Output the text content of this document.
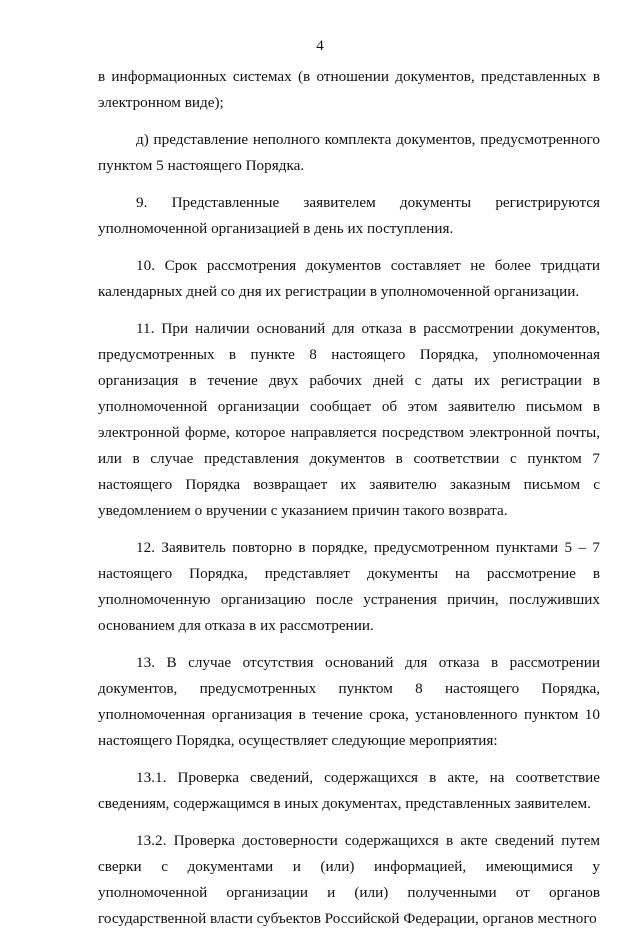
4

в информационных системах (в отношении документов, представленных в электронном виде);

д) представление неполного комплекта документов, предусмотренного пунктом 5 настоящего Порядка.

9. Представленные заявителем документы регистрируются уполномоченной организацией в день их поступления.

10. Срок рассмотрения документов составляет не более тридцати календарных дней со дня их регистрации в уполномоченной организации.

11. При наличии оснований для отказа в рассмотрении документов, предусмотренных в пункте 8 настоящего Порядка, уполномоченная организация в течение двух рабочих дней с даты их регистрации в уполномоченной организации сообщает об этом заявителю письмом в электронной форме, которое направляется посредством электронной почты, или в случае представления документов в соответствии с пунктом 7 настоящего Порядка возвращает их заявителю заказным письмом с уведомлением о вручении с указанием причин такого возврата.

12. Заявитель повторно в порядке, предусмотренном пунктами 5 – 7 настоящего Порядка, представляет документы на рассмотрение в уполномоченную организацию после устранения причин, послуживших основанием для отказа в их рассмотрении.

13. В случае отсутствия оснований для отказа в рассмотрении документов, предусмотренных пунктом 8 настоящего Порядка, уполномоченная организация в течение срока, установленного пунктом 10 настоящего Порядка, осуществляет следующие мероприятия:

13.1. Проверка сведений, содержащихся в акте, на соответствие сведениям, содержащимся в иных документах, представленных заявителем.

13.2. Проверка достоверности содержащихся в акте сведений путем сверки с документами и (или) информацией, имеющимися у уполномоченной организации и (или) полученными от органов государственной власти субъектов Российской Федерации, органов местного
